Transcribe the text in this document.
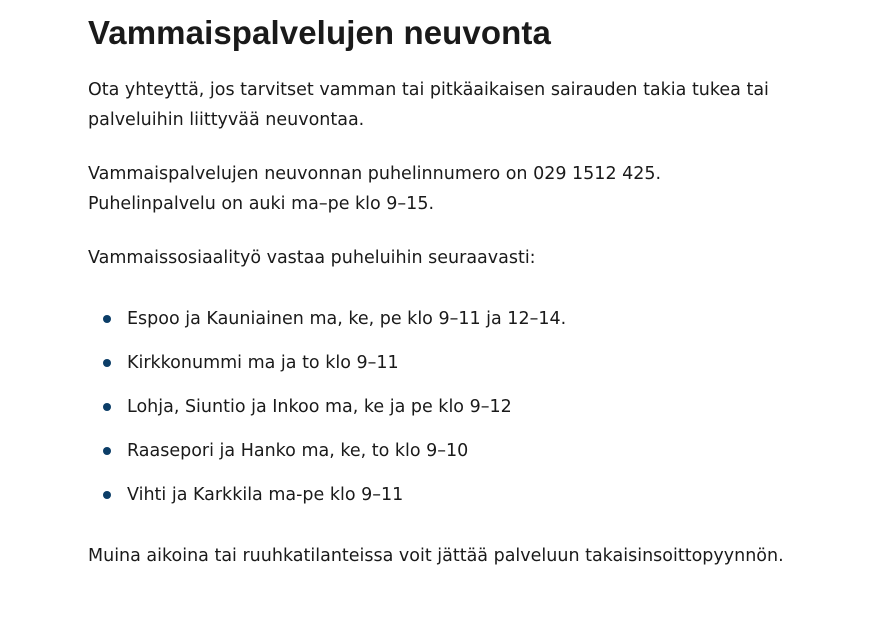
Vammaispalvelujen neuvonta

Ota yhteyttä, jos tarvitset vamman tai pitkäaikaisen sairauden takia tukea tai
palveluihin liittyvää neuvontaa.

Vammaispalvelujen neuvonnan puhelinnumero on 029 1512 425.
Puhelinpalvelu on auki ma–pe klo 9–15.

Vammaissosiaalityö vastaa puheluihin seuraavasti:

Espoo ja Kauniainen ma, ke, pe klo 9–11 ja 12–14.
Kirkkonummi ma ja to klo 9–11
Lohja, Siuntio ja Inkoo ma, ke ja pe klo 9–12
Raasepori ja Hanko ma, ke, to klo 9–10
Vihti ja Karkkila ma-pe klo 9–11

Muina aikoina tai ruuhkatilanteissa voit jättää palveluun takaisinsoittopyynnön.
